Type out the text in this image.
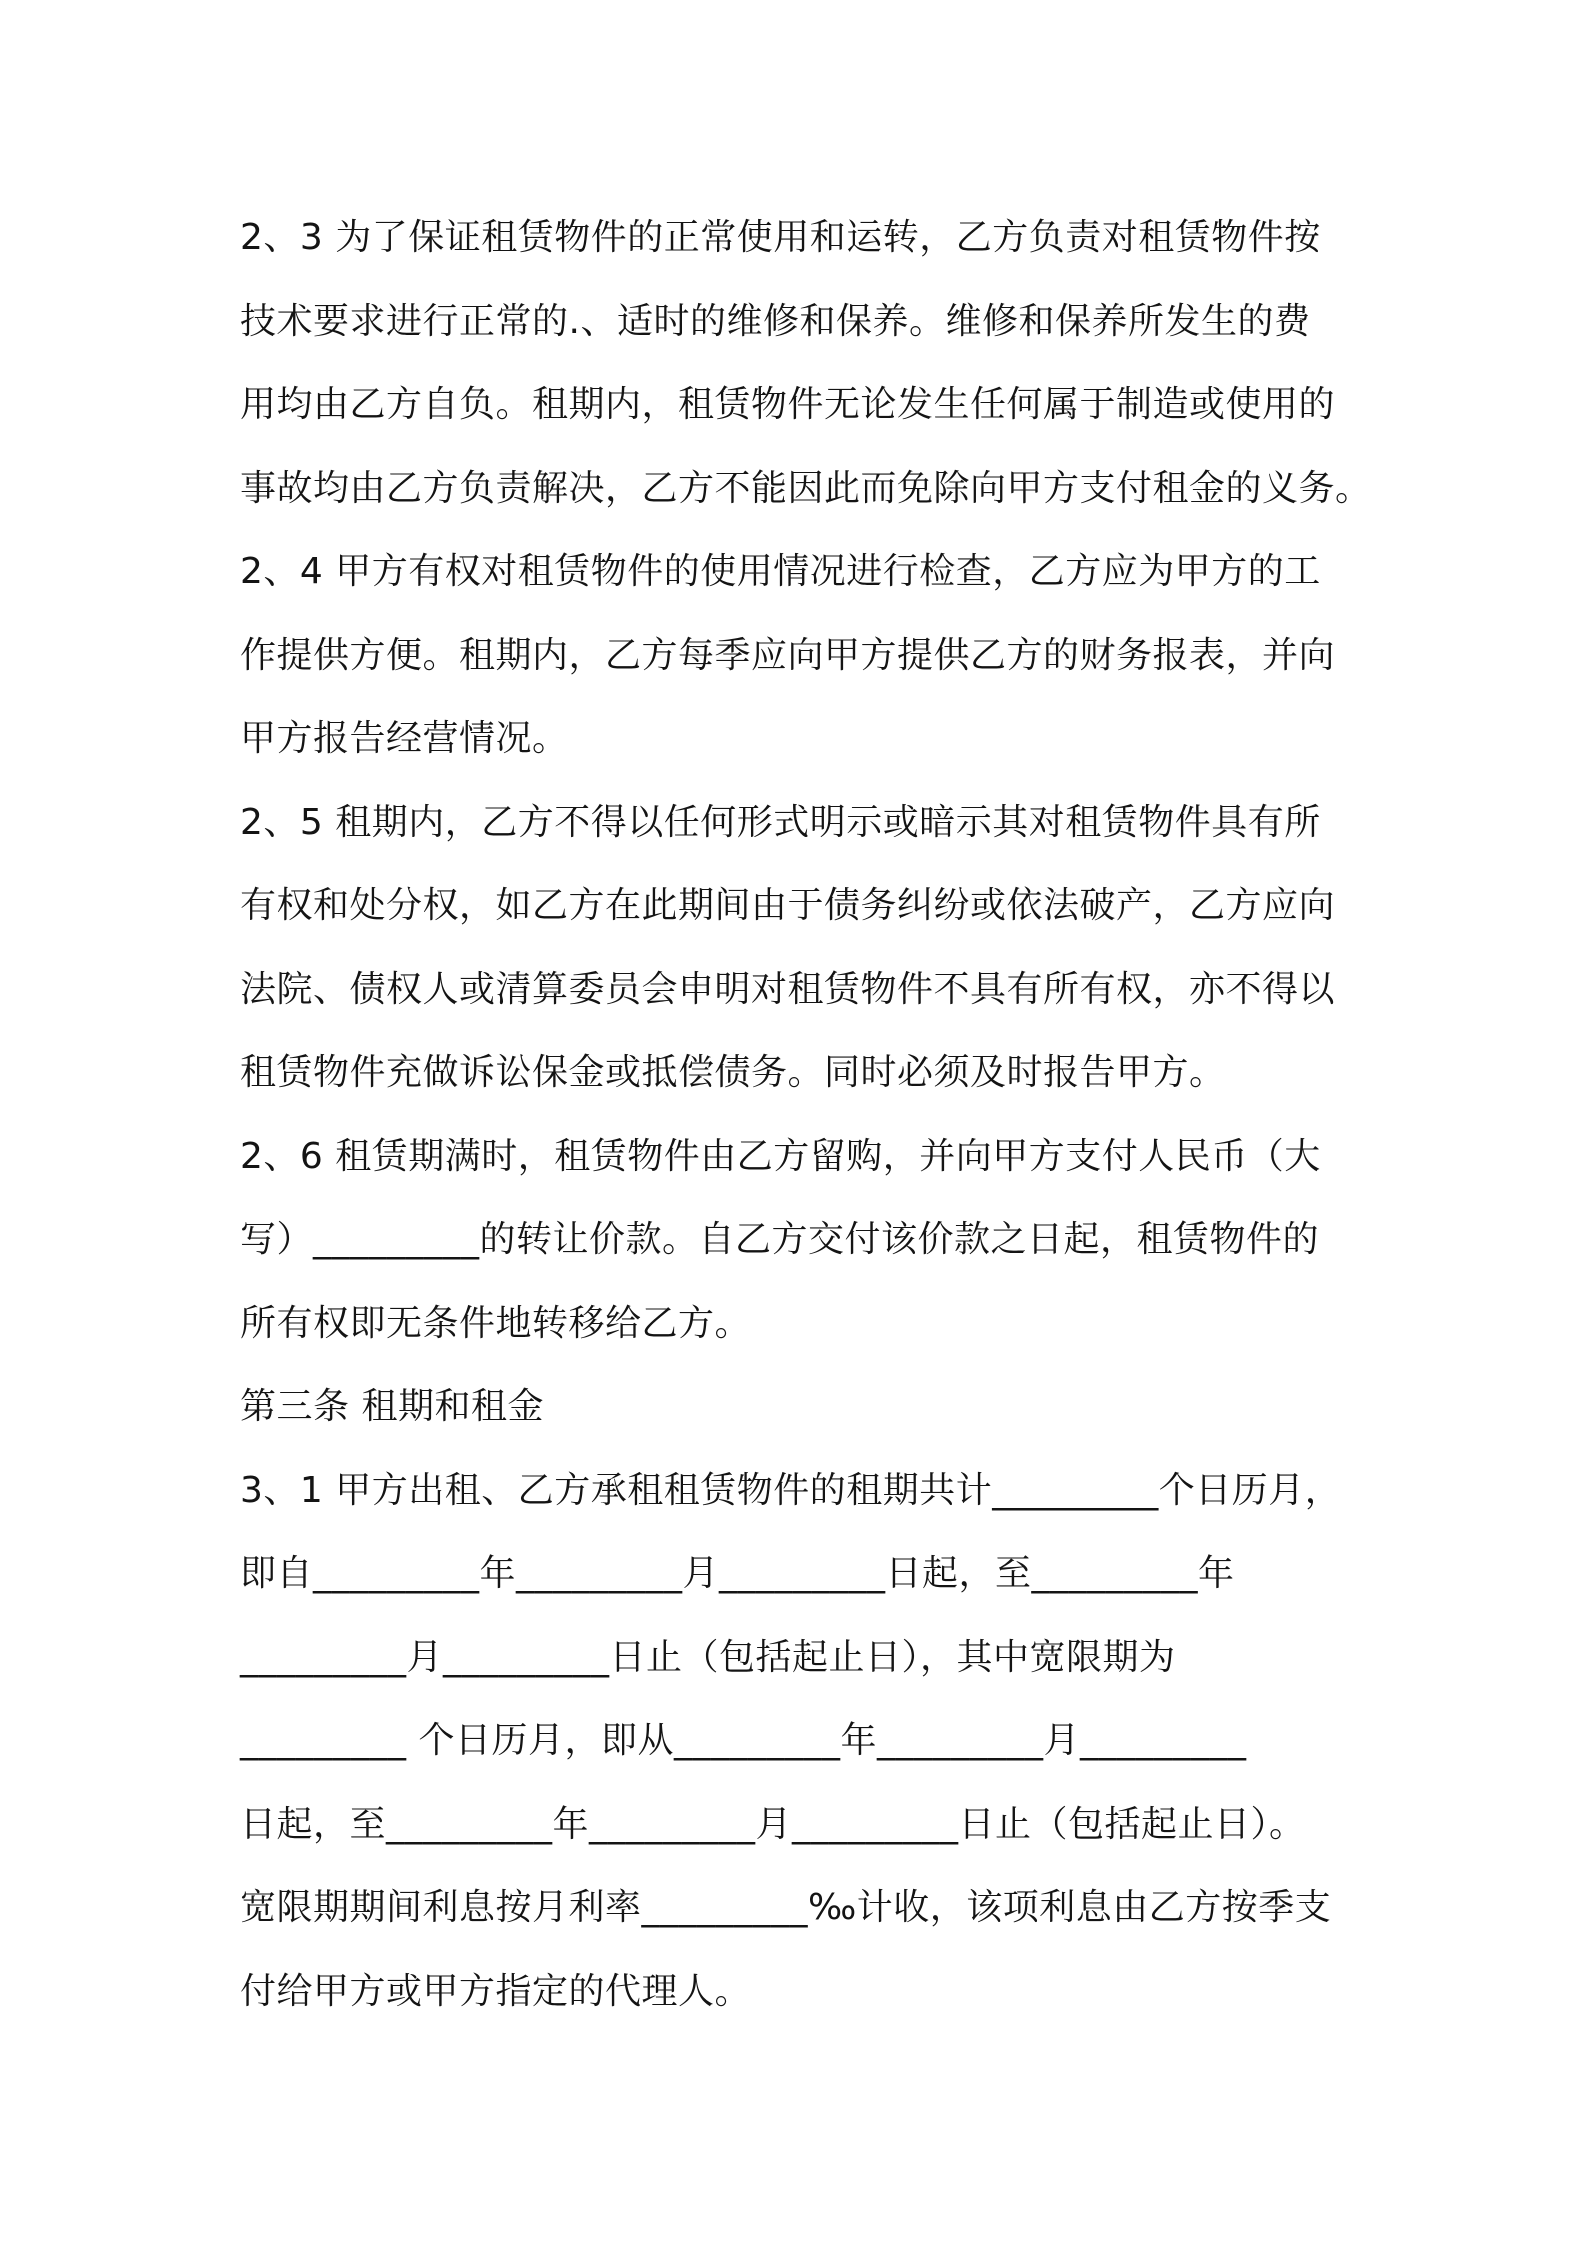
2、3 为了保证租赁物件的正常使用和运转，乙方负责对租赁物件按
技术要求进行正常的.、适时的维修和保养。维修和保养所发生的费
用均由乙方自负。租期内，租赁物件无论发生任何属于制造或使用的
事故均由乙方负责解决，乙方不能因此而免除向甲方支付租金的义务。
2、4 甲方有权对租赁物件的使用情况进行检查，乙方应为甲方的工
作提供方便。租期内，乙方每季应向甲方提供乙方的财务报表，并向
甲方报告经营情况。
2、5 租期内，乙方不得以任何形式明示或暗示其对租赁物件具有所
有权和处分权，如乙方在此期间由于债务纠纷或依法破产，乙方应向
法院、债权人或清算委员会申明对租赁物件不具有所有权，亦不得以
租赁物件充做诉讼保金或抵偿债务。同时必须及时报告甲方。
2、6 租赁期满时，租赁物件由乙方留购，并向甲方支付人民币（大
写）_________的转让价款。自乙方交付该价款之日起，租赁物件的
所有权即无条件地转移给乙方。
第三条 租期和租金
3、1 甲方出租、乙方承租租赁物件的租期共计_________个日历月，
即自_________年_________月_________日起，至_________年
_________月_________日止（包括起止日），其中宽限期为
_________ 个日历月，即从_________年_________月_________
日起，至_________年_________月_________日止（包括起止日）。
宽限期期间利息按月利率_________‰计收，该项利息由乙方按季支
付给甲方或甲方指定的代理人。
